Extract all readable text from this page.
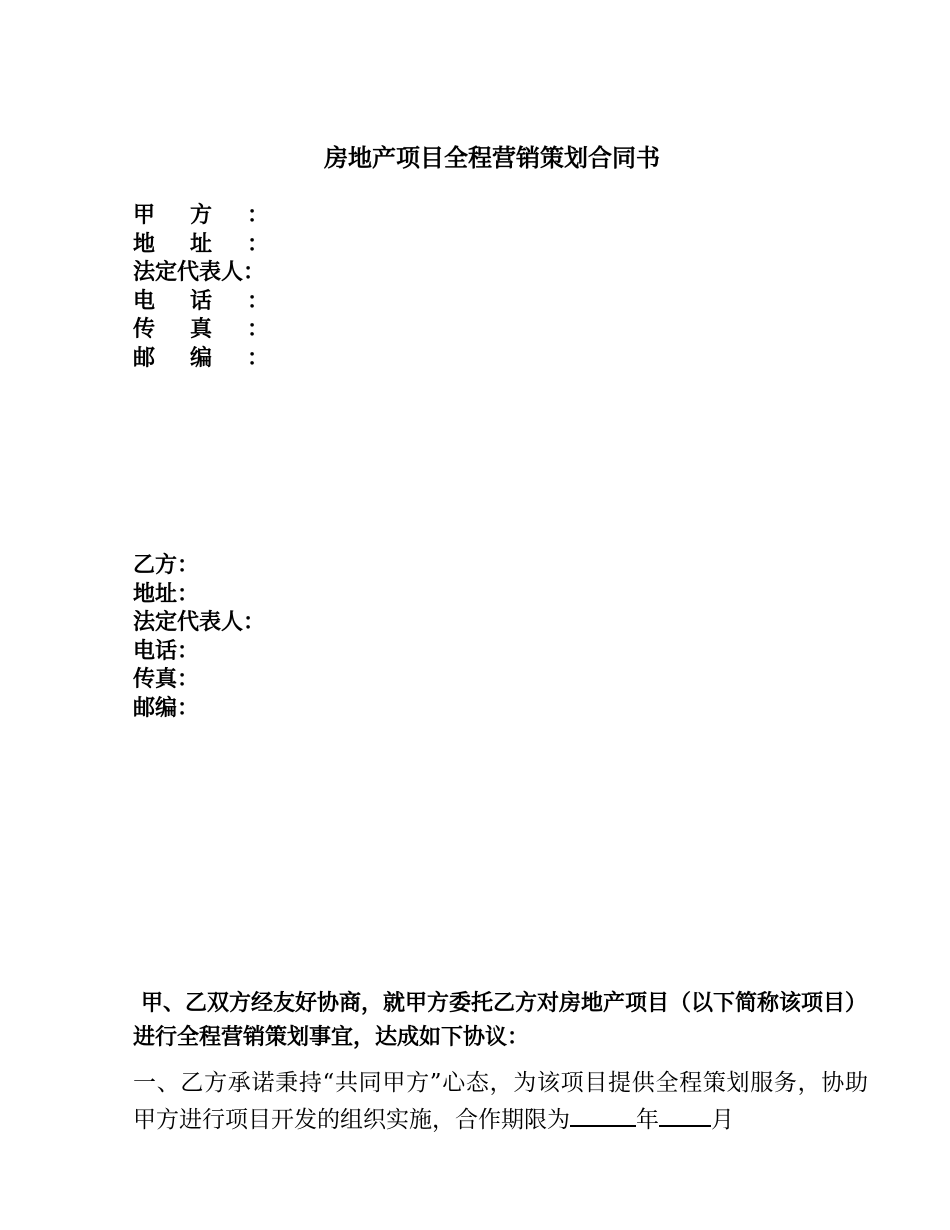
房地产项目全程营销策划合同书
甲方：
地址：
法定代表人：
电话：
传真：
邮编：
乙方：
地址：
法定代表人：
电话：
传真：
邮编：
甲、乙双方经友好协商，就甲方委托乙方对房地产项目（以下简称该项目）进行全程营销策划事宜，达成如下协议：
一、乙方承诺秉持“共同甲方”心态，为该项目提供全程策划服务，协助甲方进行项目开发的组织实施，合作期限为	年 月
